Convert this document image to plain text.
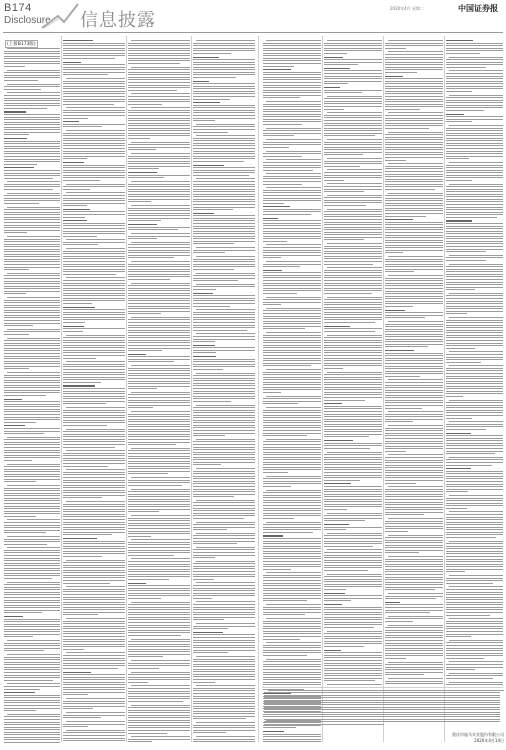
B174
Disclosure 信息披露
2020年4月 星期二	中国证券报
(上接B173版)
重庆市迪马实业股份有限公司
2020年4月14日
